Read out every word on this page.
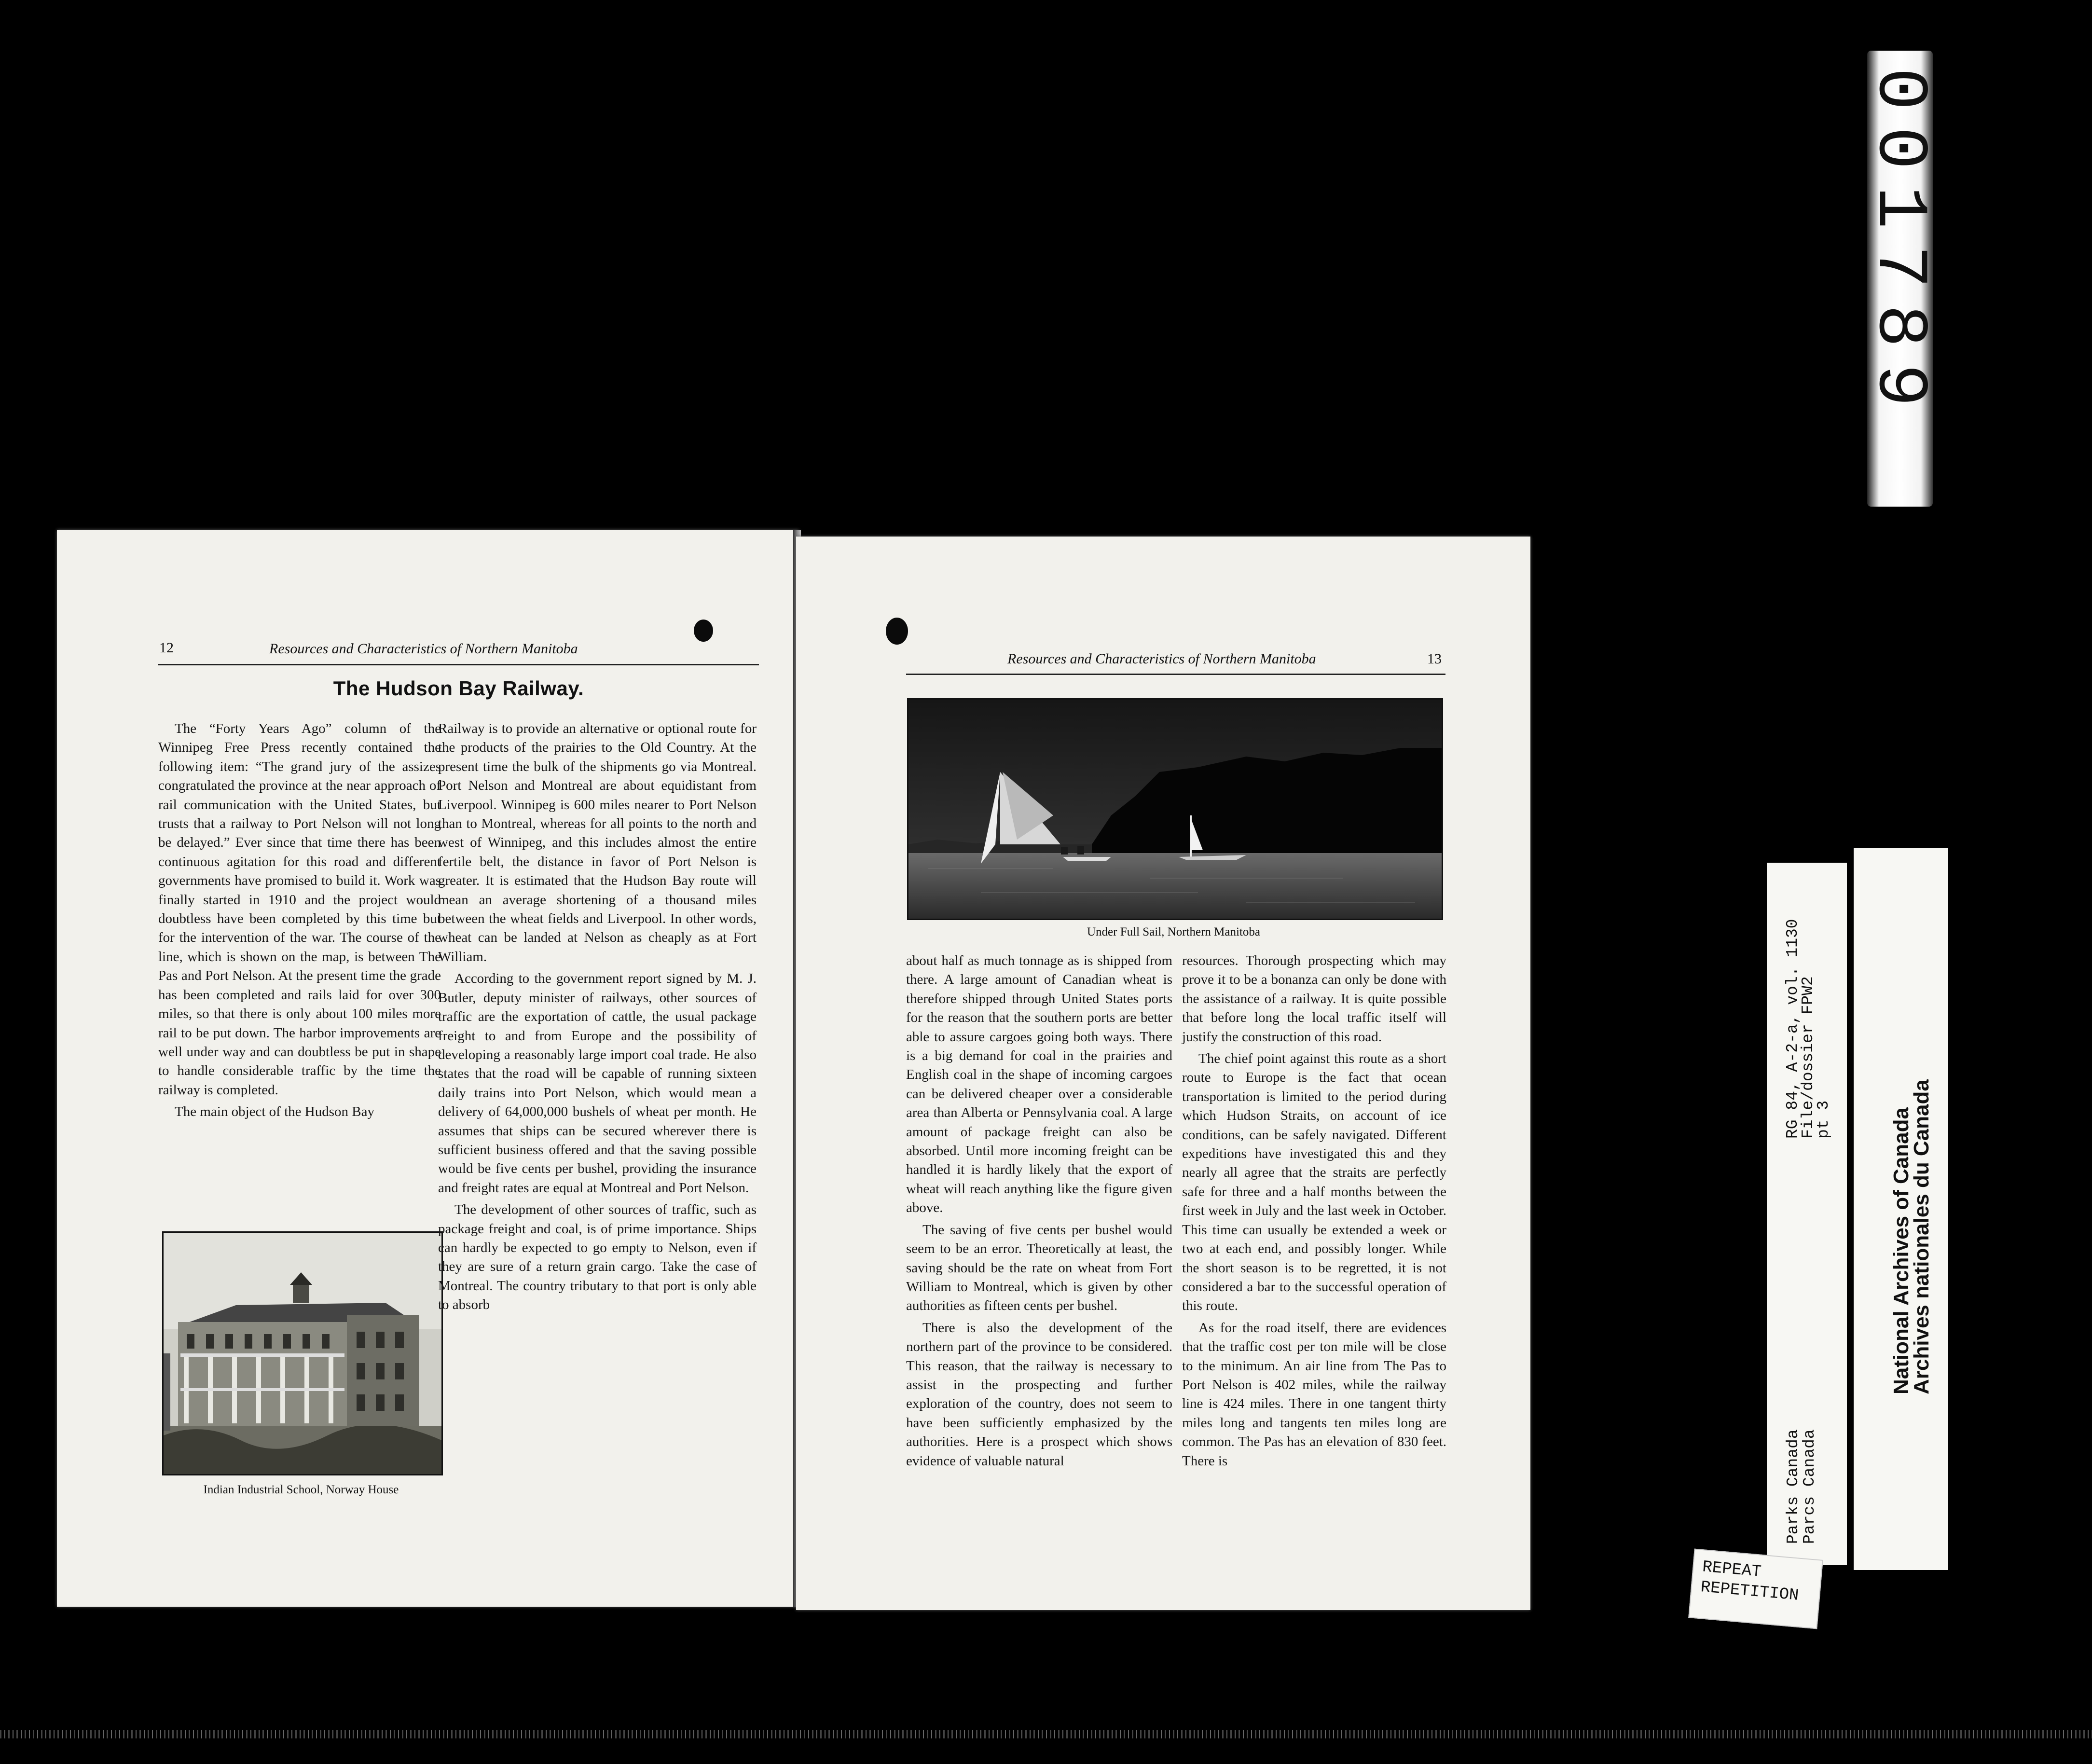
12	Resources and Characteristics of Northern Manitoba
The Hudson Bay Railway.

The “Forty Years Ago” column of the Winnipeg Free Press recently contained the following item: “The grand jury of the assizes congratulated the province at the near approach of rail communication with the United States, but trusts that a railway to Port Nelson will not long be delayed.” Ever since that time there has been continuous agitation for this road and different governments have promised to build it. Work was finally started in 1910 and the project would doubtless have been completed by this time but for the intervention of the war. The course of the line, which is shown on the map, is between The Pas and Port Nelson. At the present time the grade has been completed and rails laid for over 300 miles, so that there is only about 100 miles more rail to be put down. The harbor improvements are well under way and can doubtless be put in shape to handle considerable traffic by the time the railway is completed.

The main object of the Hudson Bay

Indian Industrial School, Norway House

Railway is to provide an alternative or optional route for the products of the prairies to the Old Country. At the present time the bulk of the shipments go via Montreal. Port Nelson and Montreal are about equidistant from Liverpool. Winnipeg is 600 miles nearer to Port Nelson than to Montreal, whereas for all points to the north and west of Winnipeg, and this includes almost the entire fertile belt, the distance in favor of Port Nelson is greater. It is estimated that the Hudson Bay route will mean an average shortening of a thousand miles between the wheat fields and Liverpool. In other words, wheat can be landed at Nelson as cheaply as at Fort William.

According to the government report signed by M. J. Butler, deputy minister of railways, other sources of traffic are the exportation of cattle, the usual package freight to and from Europe and the possibility of developing a reasonably large import coal trade. He also states that the road will be capable of running sixteen daily trains into Port Nelson, which would mean a delivery of 64,000,000 bushels of wheat per month. He assumes that ships can be secured wherever there is sufficient business offered and that the saving possible would be five cents per bushel, providing the insurance and freight rates are equal at Montreal and Port Nelson.

The development of other sources of traffic, such as package freight and coal, is of prime importance. Ships can hardly be expected to go empty to Nelson, even if they are sure of a return grain cargo. Take the case of Montreal. The country tributary to that port is only able to absorb

Resources and Characteristics of Northern Manitoba	13
Under Full Sail, Northern Manitoba

about half as much tonnage as is shipped from there. A large amount of Canadian wheat is therefore shipped through United States ports for the reason that the southern ports are better able to assure cargoes going both ways. There is a big demand for coal in the prairies and English coal in the shape of incoming cargoes can be delivered cheaper over a considerable area than Alberta or Pennsylvania coal. A large amount of package freight can also be absorbed. Until more incoming freight can be handled it is hardly likely that the export of wheat will reach anything like the figure given above.

The saving of five cents per bushel would seem to be an error. Theoretically at least, the saving should be the rate on wheat from Fort William to Montreal, which is given by other authorities as fifteen cents per bushel.

There is also the development of the northern part of the province to be considered. This reason, that the railway is necessary to assist in the prospecting and further exploration of the country, does not seem to have been sufficiently emphasized by the authorities. Here is a prospect which shows evidence of valuable natural

resources. Thorough prospecting which may prove it to be a bonanza can only be done with the assistance of a railway. It is quite possible that before long the local traffic itself will justify the construction of this road.

The chief point against this route as a short route to Europe is the fact that ocean transportation is limited to the period during which Hudson Straits, on account of ice conditions, can be safely navigated. Different expeditions have investigated this and they nearly all agree that the straits are perfectly safe for three and a half months between the first week in July and the last week in October. This time can usually be extended a week or two at each end, and possibly longer. While the short season is to be regretted, it is not considered a bar to the successful operation of this route.

As for the road itself, there are evidences that the traffic cost per ton mile will be close to the minimum. An air line from The Pas to Port Nelson is 402 miles, while the railway line is 424 miles. There in one tangent thirty miles long and tangents ten miles long are common. The Pas has an elevation of 830 feet. There is

001789
RG 84, A-2-a, vol. 1130
File/dossier FPW2
pt 3
Parks Canada
Parcs Canada
National Archives of Canada
Archives nationales du Canada
REPEAT
REPETITION
